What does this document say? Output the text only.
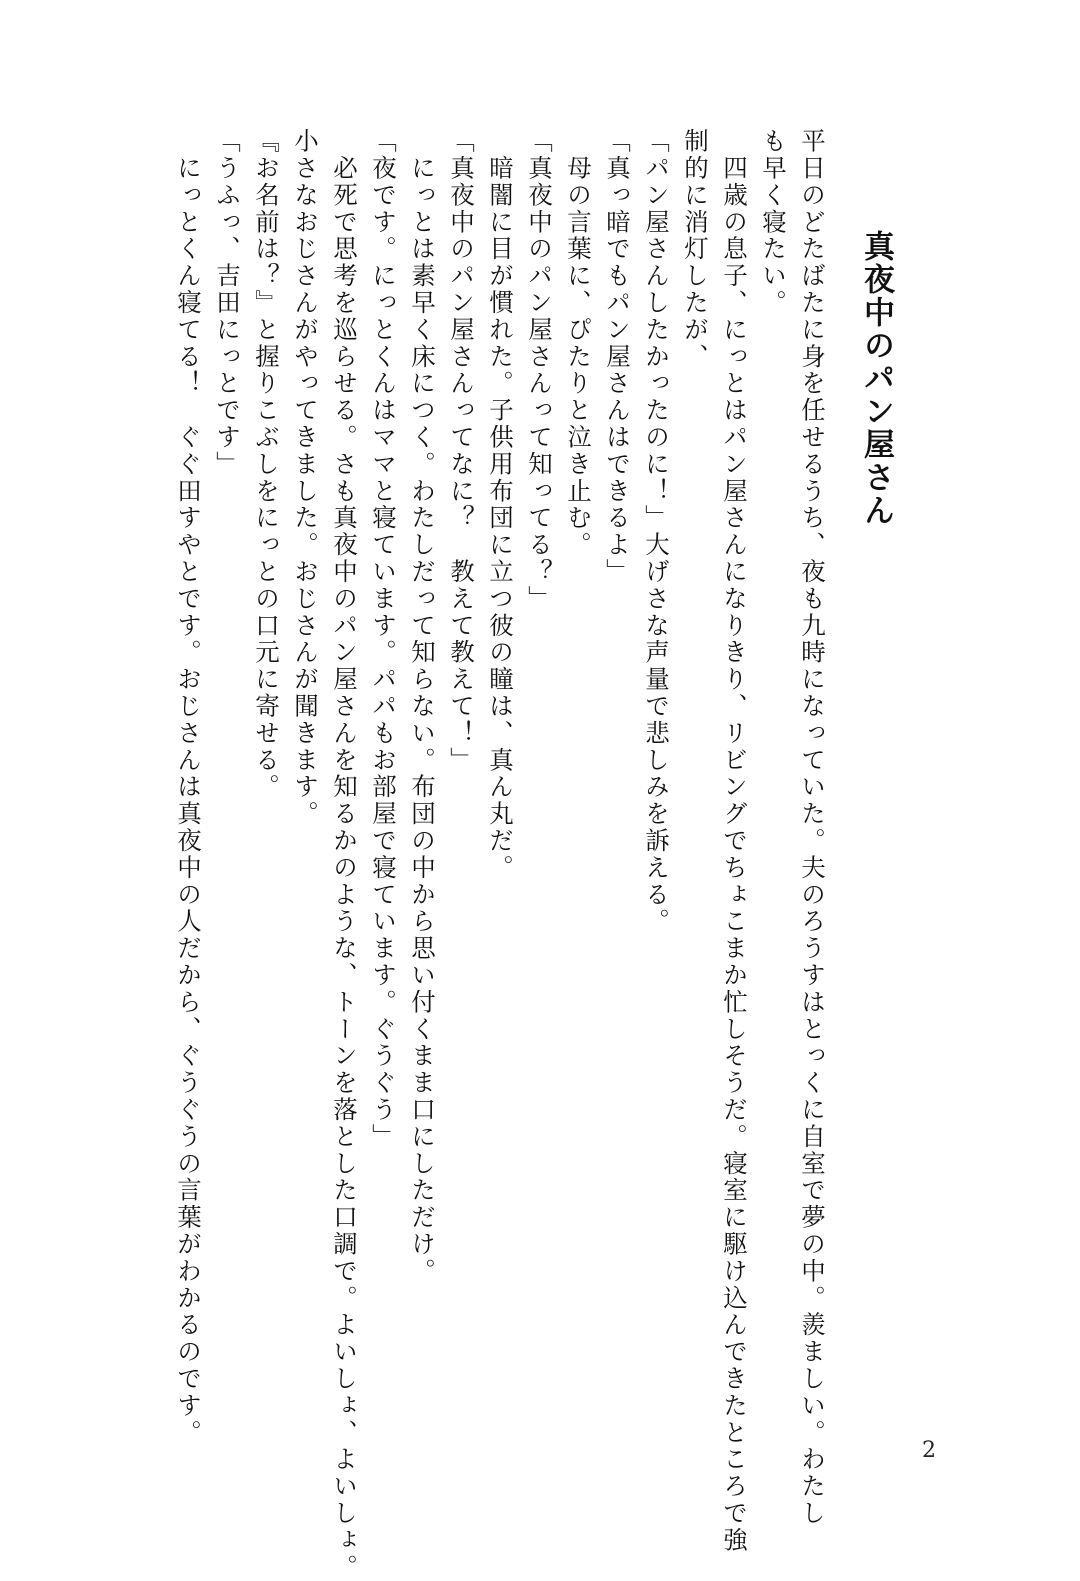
真夜中のパン屋さん
平日のどたばたに身を任せるうち、夜も九時になっていた。夫のろうすはとっくに自室で夢の中。羨ましい。わたし
も早く寝たい。
　四歳の息子、にっとはパン屋さんになりきり、リビングでちょこまか忙しそうだ。寝室に駆け込んできたところで強
制的に消灯したが、
「パン屋さんしたかったのに！」大げさな声量で悲しみを訴える。
「真っ暗でもパン屋さんはできるよ」
　母の言葉に、ぴたりと泣き止む。
「真夜中のパン屋さんって知ってる？」
　暗闇に目が慣れた。子供用布団に立つ彼の瞳は、真ん丸だ。
「真夜中のパン屋さんってなに？　教えて教えて！」
　にっとは素早く床につく。わたしだって知らない。布団の中から思い付くまま口にしただけ。
「夜です。にっとくんはママと寝ています。パパもお部屋で寝ています。ぐうぐう」
　必死で思考を巡らせる。さも真夜中のパン屋さんを知るかのような、トーンを落とした口調で。よいしょ、よいしょ。
小さなおじさんがやってきました。おじさんが聞きます。
『お名前は？』と握りこぶしをにっとの口元に寄せる。
「うふっ、吉田にっとです」
　にっとくん寝てる！　ぐぐ田すやとです。おじさんは真夜中の人だから、ぐうぐうの言葉がわかるのです。
2
